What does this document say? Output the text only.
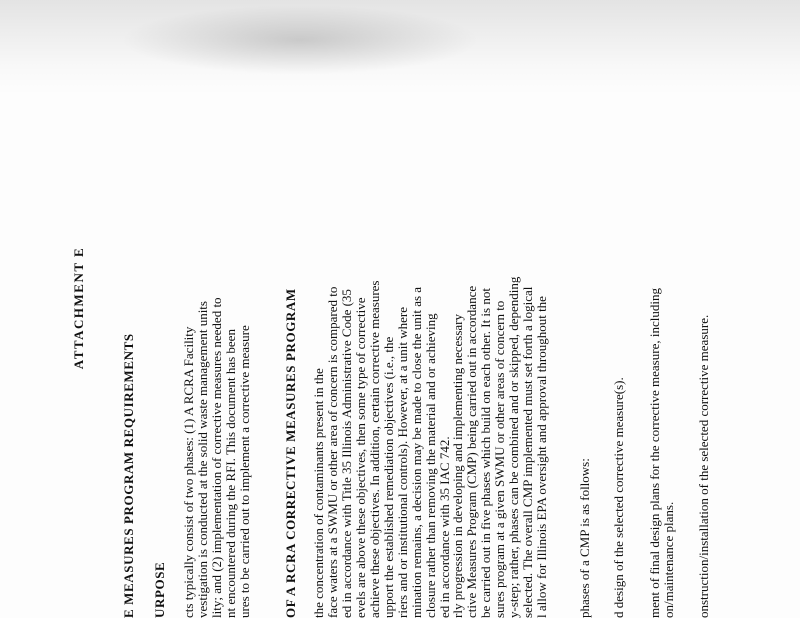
ATTACHMENT E
E MEASURES PROGRAM REQUIREMENTS URPOSE cts typically consist of two phases: (1) A RCRA Facility vestigation is conducted at the solid waste management units lity; and (2) implementation of corrective measures needed to nt encountered during the RFI. This document has been ures to be carried out to implement a corrective measure OF A RCRA CORRECTIVE MEASURES PROGRAM the concentration of contaminants present in the face waters at a SWMU or other area of concern is compared to ed in accordance with Title 35 Illinois Administrative Code (35 evels are above these objectives, then some type of corrective achieve these objectives. In addition, certain corrective measures upport the established remediation objectives (i.e., the riers and or institutional controls). However, at a unit where mination remains, a decision may be made to close the unit as a closure rather than removing the material and or achieving ed in accordance with 35 IAC 742.
rly progression in developing and implementing necessary ctive Measures Program (CMP) being carried out in accordance be carried out in five phases which build on each other. It is not sures program at a given SWMU or other areas of concern to y-step; rather, phases can be combined and or skipped, depending selected. The overall CMP implemented must set forth a logical l allow for Illinois EPA oversight and approval throughout the phases of a CMP is as follows: d design of the selected corrective measure(s). ment of final design plans for the corrective measure, including on/maintenance plans. onstruction/installation of the selected corrective measure.
